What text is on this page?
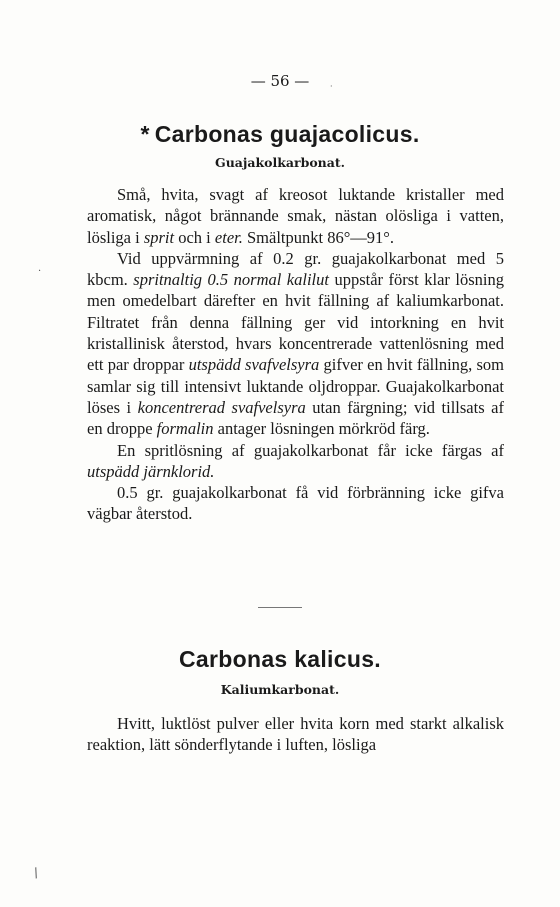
— 56 —	·
·
* Carbonas guajacolicus.
Guajakolkarbonat.

Små, hvita, svagt af kreosot luktande kristaller med aromatisk, något brännande smak, nästan olösliga i vatten, lösliga i sprit och i eter. Smältpunkt 86°—91°.

Vid uppvärmning af 0.2 gr. guajakolkarbonat med 5 kbcm. spritnaltig 0.5 normal kalilut uppstår först klar lösning men omedelbart därefter en hvit fällning af kaliumkarbonat. Filtratet från denna fällning ger vid intorkning en hvit kristallinisk återstod, hvars koncentrerade vattenlösning med ett par droppar utspädd svafvelsyra gifver en hvit fällning, som samlar sig till intensivt luktande oljdroppar. Guajakolkarbonat löses i koncentrerad svafvelsyra utan färgning; vid tillsats af en droppe formalin antager lösningen mörkröd färg.

En spritlösning af guajakolkarbonat får icke färgas af utspädd järnklorid.

0.5 gr. guajakolkarbonat få vid förbränning icke gifva vägbar återstod.

Carbonas kalicus.
Kaliumkarbonat.

Hvitt, luktlöst pulver eller hvita korn med starkt alkalisk reaktion, lätt sönderflytande i luften, lösliga

/
